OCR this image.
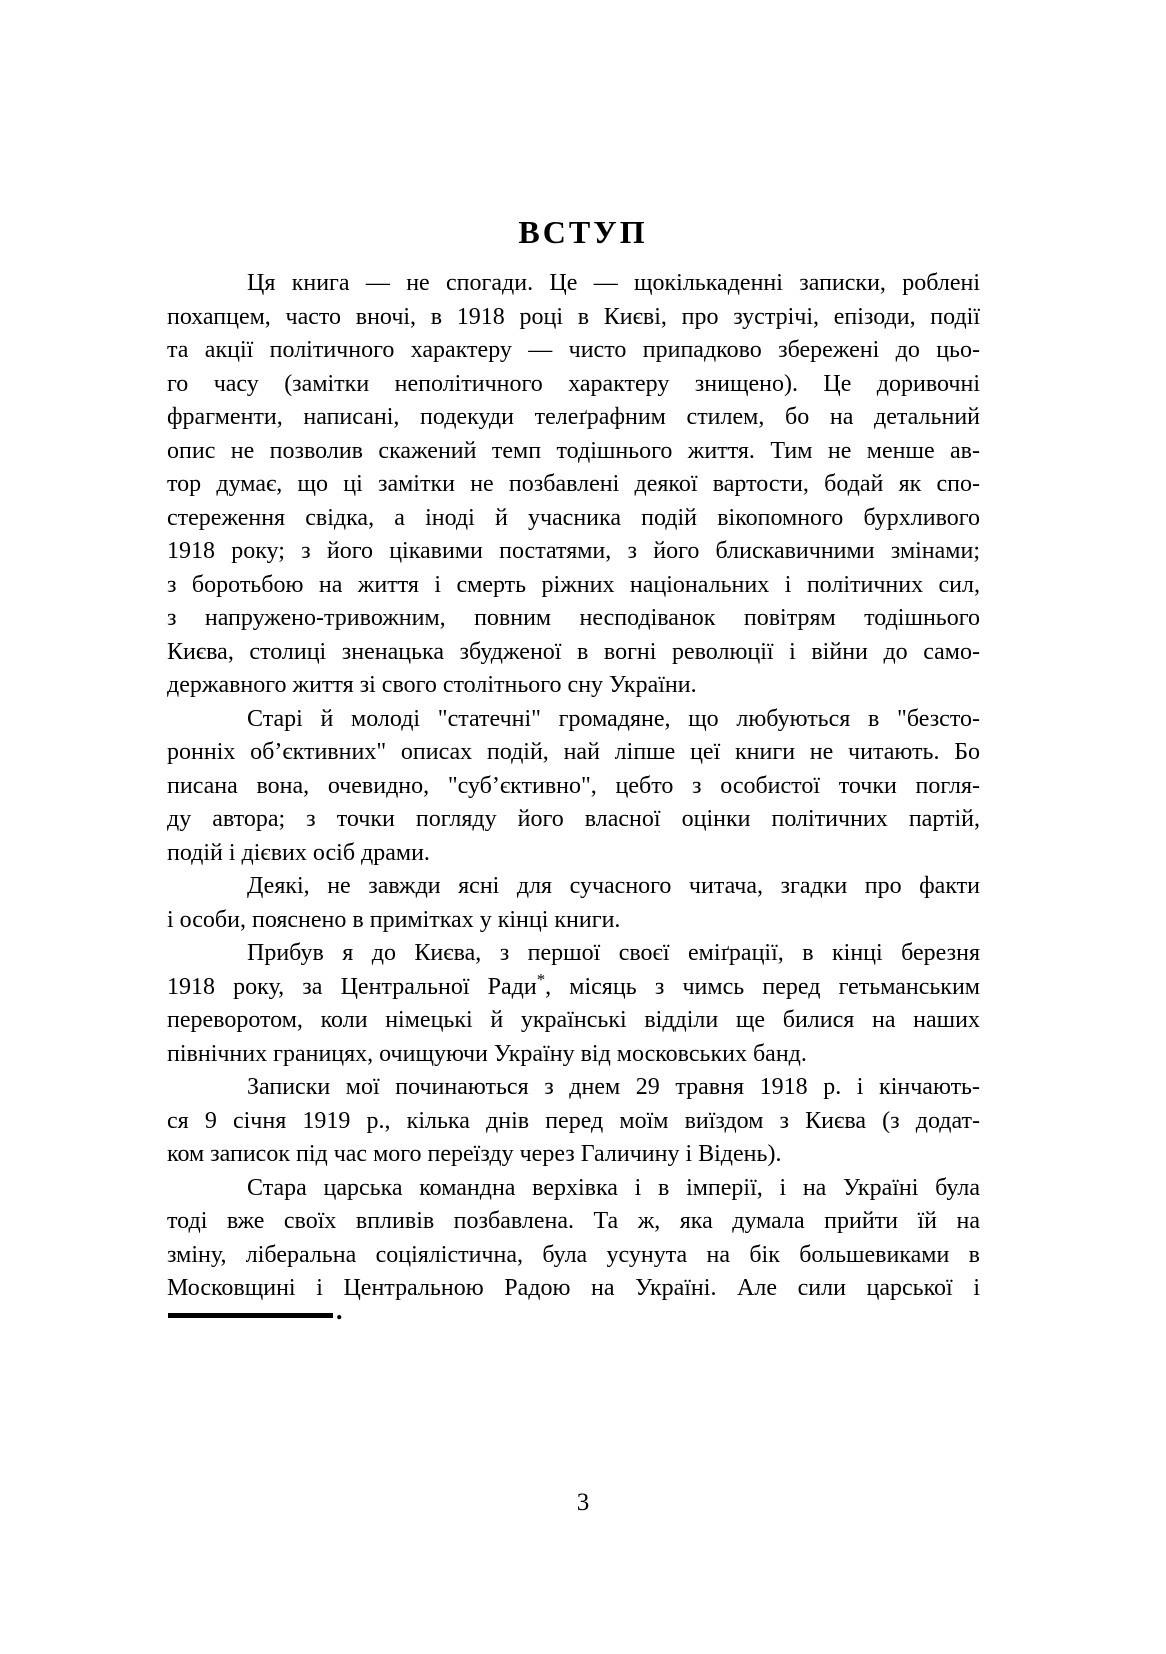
ВСТУП
Ця книга — не спогади. Це — щокількаденні записки, роблені
похапцем, часто вночі, в 1918 році в Києві, про зустрічі, епізоди, події
та акції політичного характеру — чисто припадково збережені до цьо-
го часу (замітки неполітичного характеру знищено). Це доривочні
фрагменти, написані, подекуди телеґрафним стилем, бо на детальний
опис не позволив скажений темп тодішнього життя. Тим не менше ав-
тор думає, що ці замітки не позбавлені деякої вартости, бодай як спо-
стереження свідка, а іноді й учасника подій вікопомного бурхливого
1918 року; з його цікавими постатями, з його блискавичними змінами;
з боротьбою на життя і смерть ріжних національних і політичних сил,
з напружено-тривожним, повним несподіванок повітрям тодішнього
Києва, столиці зненацька збудженої в вогні революції і війни до само-
державного життя зі свого столітнього сну України.
Старі й молоді "статечні" громадяне, що любуються в "безсто-
ронніх об’єктивних" описах подій, най ліпше цеї книги не читають. Бо
писана вона, очевидно, "суб’єктивно", цебто з особистої точки погля-
ду автора; з точки погляду його власної оцінки політичних партій,
подій і дієвих осіб драми.
Деякі, не завжди ясні для сучасного читача, згадки про факти
і особи, пояснено в примітках у кінці книги.
Прибув я до Києва, з першої своєї еміґрації, в кінці березня
1918 року, за Центральної Ради*, місяць з чимсь перед гетьманським
переворотом, коли німецькі й українські відділи ще билися на наших
північних границях, очищуючи Україну від московських банд.
Записки мої починаються з днем 29 травня 1918 р. і кінчають-
ся 9 січня 1919 р., кілька днів перед моїм виїздом з Києва (з додат-
ком записок під час мого переїзду через Галичину і Відень).
Стара царська командна верхівка і в імперії, і на Україні була
тоді вже своїх впливів позбавлена. Та ж, яка думала прийти їй на
зміну, ліберальна соціялістична, була усунута на бік большевиками в
Московщині і Центральною Радою на Україні. Але сили царської і
.
3
